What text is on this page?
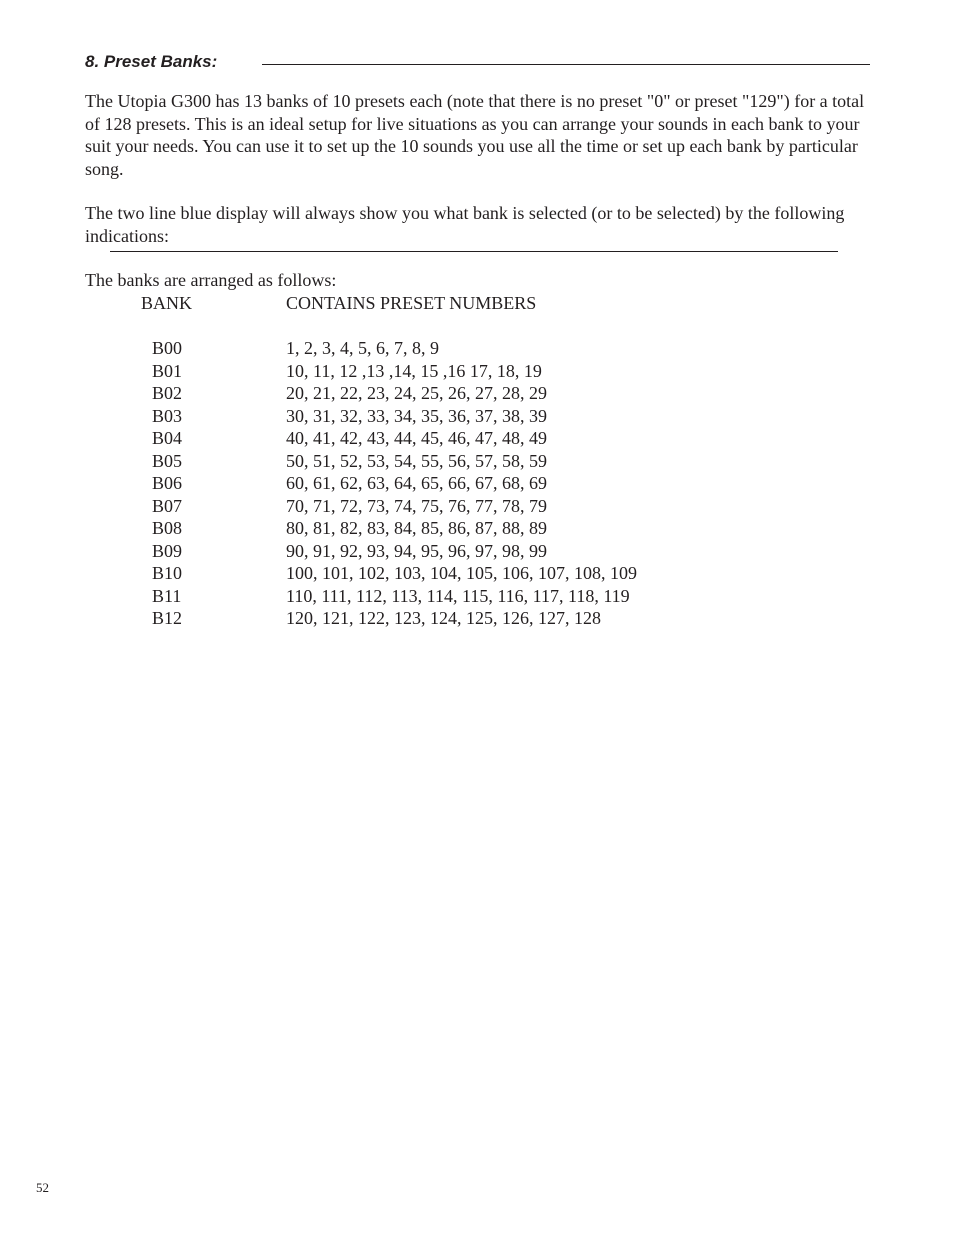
8. Preset Banks:

The Utopia G300 has 13 banks of 10 presets each (note that there is no preset "0" or preset "129") for a total of 128 presets. This is an ideal setup for live situations as you can arrange your sounds in each bank to your suit your needs. You can use it to set up the 10 sounds you use all the time or set up each bank by particular song.

The two line blue display will always show you what bank is selected (or to be selected) by the following indications:

The banks are arranged as follows:

BANK	CONTAINS PRESET NUMBERS

B00	1, 2, 3, 4, 5, 6, 7, 8, 9
B01	10, 11, 12 ,13 ,14, 15 ,16 17, 18, 19
B02	20, 21, 22, 23, 24, 25, 26, 27, 28, 29
B03	30, 31, 32, 33, 34, 35, 36, 37, 38, 39
B04	40, 41, 42, 43, 44, 45, 46, 47, 48, 49
B05	50, 51, 52, 53, 54, 55, 56, 57, 58, 59
B06	60, 61, 62, 63, 64, 65, 66, 67, 68, 69
B07	70, 71, 72, 73, 74, 75, 76, 77, 78, 79
B08	80, 81, 82, 83, 84, 85, 86, 87, 88, 89
B09	90, 91, 92, 93, 94, 95, 96, 97, 98, 99
B10	100, 101, 102, 103, 104, 105, 106, 107, 108, 109
B11	110, 111, 112, 113, 114, 115, 116, 117, 118, 119
B12	120, 121, 122, 123, 124, 125, 126, 127, 128

52
